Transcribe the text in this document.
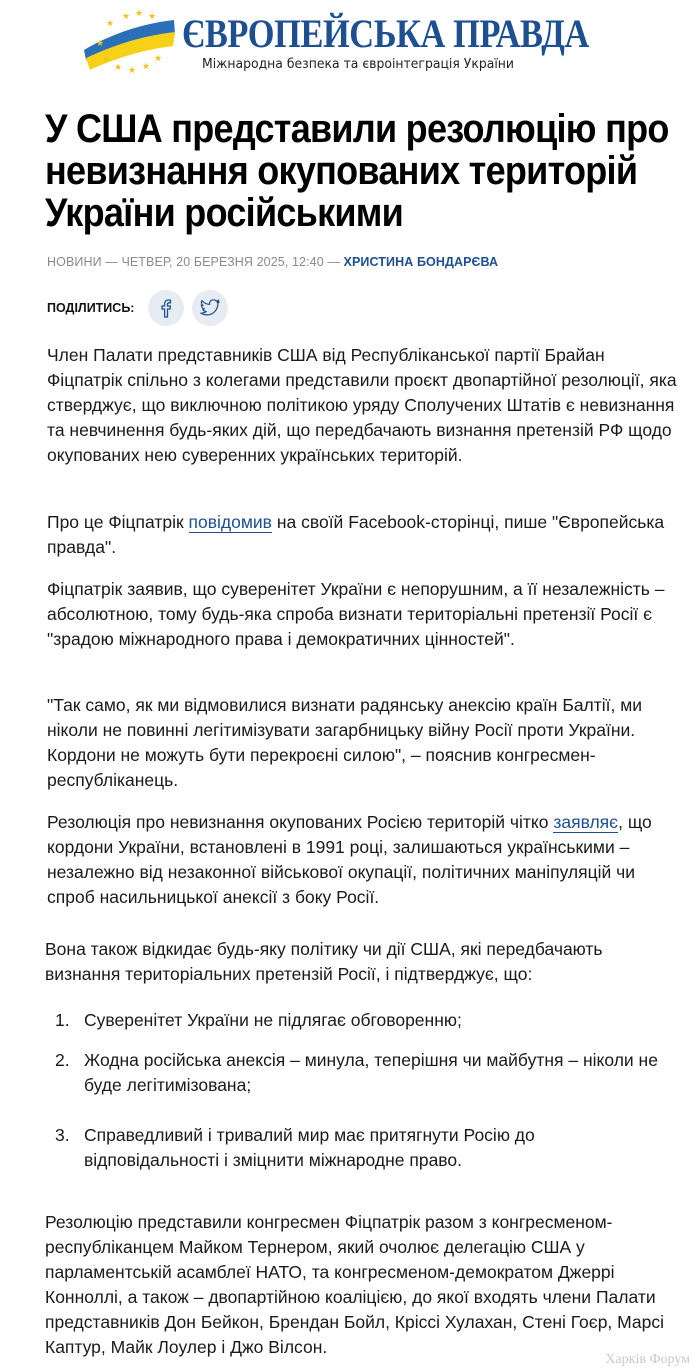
★ ★ ★
★
★
★
★ ★ ★
★
ЄВРОПЕЙСЬКА ПРАВДА
Міжнародна безпека та євроінтеграція України
У США представили резолюцію про невизнання окупованих територій України російськими
НОВИНИ — ЧЕТВЕР, 20 БЕРЕЗНЯ 2025, 12:40 — ХРИСТИНА БОНДАРЄВА
ПОДІЛИТИСЬ:

Член Палати представників США від Республіканської партії Брайан Фіцпатрік спільно з колегами представили проєкт двопартійної резолюції, яка стверджує, що виключною політикою уряду Сполучених Штатів є невизнання та невчинення будь-яких дій, що передбачають визнання претензій РФ щодо окупованих нею суверенних українських територій.

Про це Фіцпатрік повідомив на своїй Facebook-сторінці, пише "Європейська правда".

Фіцпатрік заявив, що суверенітет України є непорушним, а її незалежність – абсолютною, тому будь-яка спроба визнати територіальні претензії Росії є "зрадою міжнародного права і демократичних цінностей".

"Так само, як ми відмовилися визнати радянську анексію країн Балтії, ми ніколи не повинні легітимізувати загарбницьку війну Росії проти України. Кордони не можуть бути перекроєні силою", – пояснив конгресмен-республіканець.

Резолюція про невизнання окупованих Росією територій чітко заявляє, що кордони України, встановлені в 1991 році, залишаються українськими – незалежно від незаконної військової окупації, політичних маніпуляцій чи спроб насильницької анексії з боку Росії.

Вона також відкидає будь-яку політику чи дії США, які передбачають визнання територіальних претензій Росії, і підтверджує, що:

1. Суверенітет України не підлягає обговоренню;
2. Жодна російська анексія – минула, теперішня чи майбутня – ніколи не буде легітимізована;
3. Справедливий і тривалий мир має притягнути Росію до відповідальності і зміцнити міжнародне право.

Резолюцію представили конгресмен Фіцпатрік разом з конгресменом-республіканцем Майком Тернером, який очолює делегацію США у парламентській асамблеї НАТО, та конгресменом-демократом Джеррі Конноллі, а також – двопартійною коаліцією, до якої входять члени Палати представників Дон Бейкон, Брендан Бойл, Кріссі Хулахан, Стені Гоєр, Марсі Каптур, Майк Лоулер і Джо Вілсон.

Харків Форум
